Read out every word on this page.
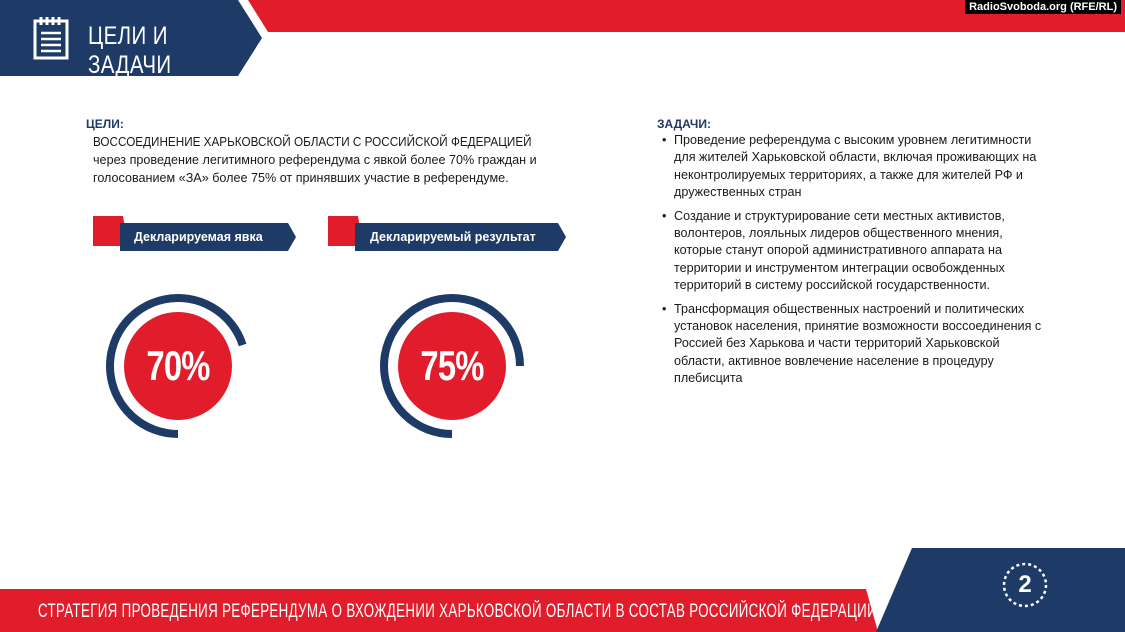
ЦЕЛИ И ЗАДАЧИ
RadioSvoboda.org (RFE/RL)
ЦЕЛИ:
ВОССОЕДИНЕНИЕ ХАРЬКОВСКОЙ ОБЛАСТИ С РОССИЙСКОЙ ФЕДЕРАЦИЕЙ
через проведение легитимного референдума с явкой более 70% граждан и голосованием «ЗА» более 75% от принявших участие в референдуме.
Декларируемая явка	Декларируемый результат
70%	75%
ЗАДАЧИ:
• Проведение референдума с высоким уровнем легитимности для жителей Харьковской области, включая проживающих на неконтролируемых территориях, а также для жителей РФ и дружественных стран
• Создание и структурирование сети местных активистов, волонтеров, лояльных лидеров общественного мнения, которые станут опорой административного аппарата на территории и инструментом интеграции освобожденных территорий в систему российской государственности.
• Трансформация общественных настроений и политических установок населения, принятие возможности воссоединения с Россией без Харькова и части территорий Харьковской области, активное вовлечение население в процедуру плебисцита
СТРАТЕГИЯ ПРОВЕДЕНИЯ РЕФЕРЕНДУМА О ВХОЖДЕНИИ ХАРЬКОВСКОЙ ОБЛАСТИ В СОСТАВ РОССИЙСКОЙ ФЕДЕРАЦИИ
2
